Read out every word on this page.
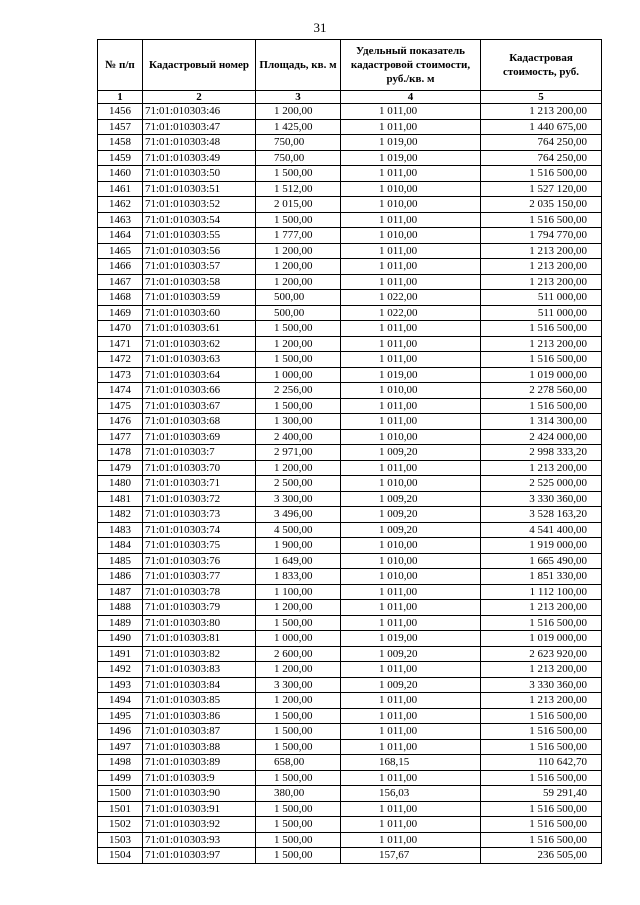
31
№ п/п	Кадастровый номер	Площадь, кв. м	Удельный показатель кадастровой стоимости, руб./кв. м	Кадастровая стоимость, руб.
1	2	3	4	5
1456	71:01:010303:46	1 200,00	1 011,00	1 213 200,00
1457	71:01:010303:47	1 425,00	1 011,00	1 440 675,00
1458	71:01:010303:48	750,00	1 019,00	764 250,00
1459	71:01:010303:49	750,00	1 019,00	764 250,00
1460	71:01:010303:50	1 500,00	1 011,00	1 516 500,00
1461	71:01:010303:51	1 512,00	1 010,00	1 527 120,00
1462	71:01:010303:52	2 015,00	1 010,00	2 035 150,00
1463	71:01:010303:54	1 500,00	1 011,00	1 516 500,00
1464	71:01:010303:55	1 777,00	1 010,00	1 794 770,00
1465	71:01:010303:56	1 200,00	1 011,00	1 213 200,00
1466	71:01:010303:57	1 200,00	1 011,00	1 213 200,00
1467	71:01:010303:58	1 200,00	1 011,00	1 213 200,00
1468	71:01:010303:59	500,00	1 022,00	511 000,00
1469	71:01:010303:60	500,00	1 022,00	511 000,00
1470	71:01:010303:61	1 500,00	1 011,00	1 516 500,00
1471	71:01:010303:62	1 200,00	1 011,00	1 213 200,00
1472	71:01:010303:63	1 500,00	1 011,00	1 516 500,00
1473	71:01:010303:64	1 000,00	1 019,00	1 019 000,00
1474	71:01:010303:66	2 256,00	1 010,00	2 278 560,00
1475	71:01:010303:67	1 500,00	1 011,00	1 516 500,00
1476	71:01:010303:68	1 300,00	1 011,00	1 314 300,00
1477	71:01:010303:69	2 400,00	1 010,00	2 424 000,00
1478	71:01:010303:7	2 971,00	1 009,20	2 998 333,20
1479	71:01:010303:70	1 200,00	1 011,00	1 213 200,00
1480	71:01:010303:71	2 500,00	1 010,00	2 525 000,00
1481	71:01:010303:72	3 300,00	1 009,20	3 330 360,00
1482	71:01:010303:73	3 496,00	1 009,20	3 528 163,20
1483	71:01:010303:74	4 500,00	1 009,20	4 541 400,00
1484	71:01:010303:75	1 900,00	1 010,00	1 919 000,00
1485	71:01:010303:76	1 649,00	1 010,00	1 665 490,00
1486	71:01:010303:77	1 833,00	1 010,00	1 851 330,00
1487	71:01:010303:78	1 100,00	1 011,00	1 112 100,00
1488	71:01:010303:79	1 200,00	1 011,00	1 213 200,00
1489	71:01:010303:80	1 500,00	1 011,00	1 516 500,00
1490	71:01:010303:81	1 000,00	1 019,00	1 019 000,00
1491	71:01:010303:82	2 600,00	1 009,20	2 623 920,00
1492	71:01:010303:83	1 200,00	1 011,00	1 213 200,00
1493	71:01:010303:84	3 300,00	1 009,20	3 330 360,00
1494	71:01:010303:85	1 200,00	1 011,00	1 213 200,00
1495	71:01:010303:86	1 500,00	1 011,00	1 516 500,00
1496	71:01:010303:87	1 500,00	1 011,00	1 516 500,00
1497	71:01:010303:88	1 500,00	1 011,00	1 516 500,00
1498	71:01:010303:89	658,00	168,15	110 642,70
1499	71:01:010303:9	1 500,00	1 011,00	1 516 500,00
1500	71:01:010303:90	380,00	156,03	59 291,40
1501	71:01:010303:91	1 500,00	1 011,00	1 516 500,00
1502	71:01:010303:92	1 500,00	1 011,00	1 516 500,00
1503	71:01:010303:93	1 500,00	1 011,00	1 516 500,00
1504	71:01:010303:97	1 500,00	157,67	236 505,00
